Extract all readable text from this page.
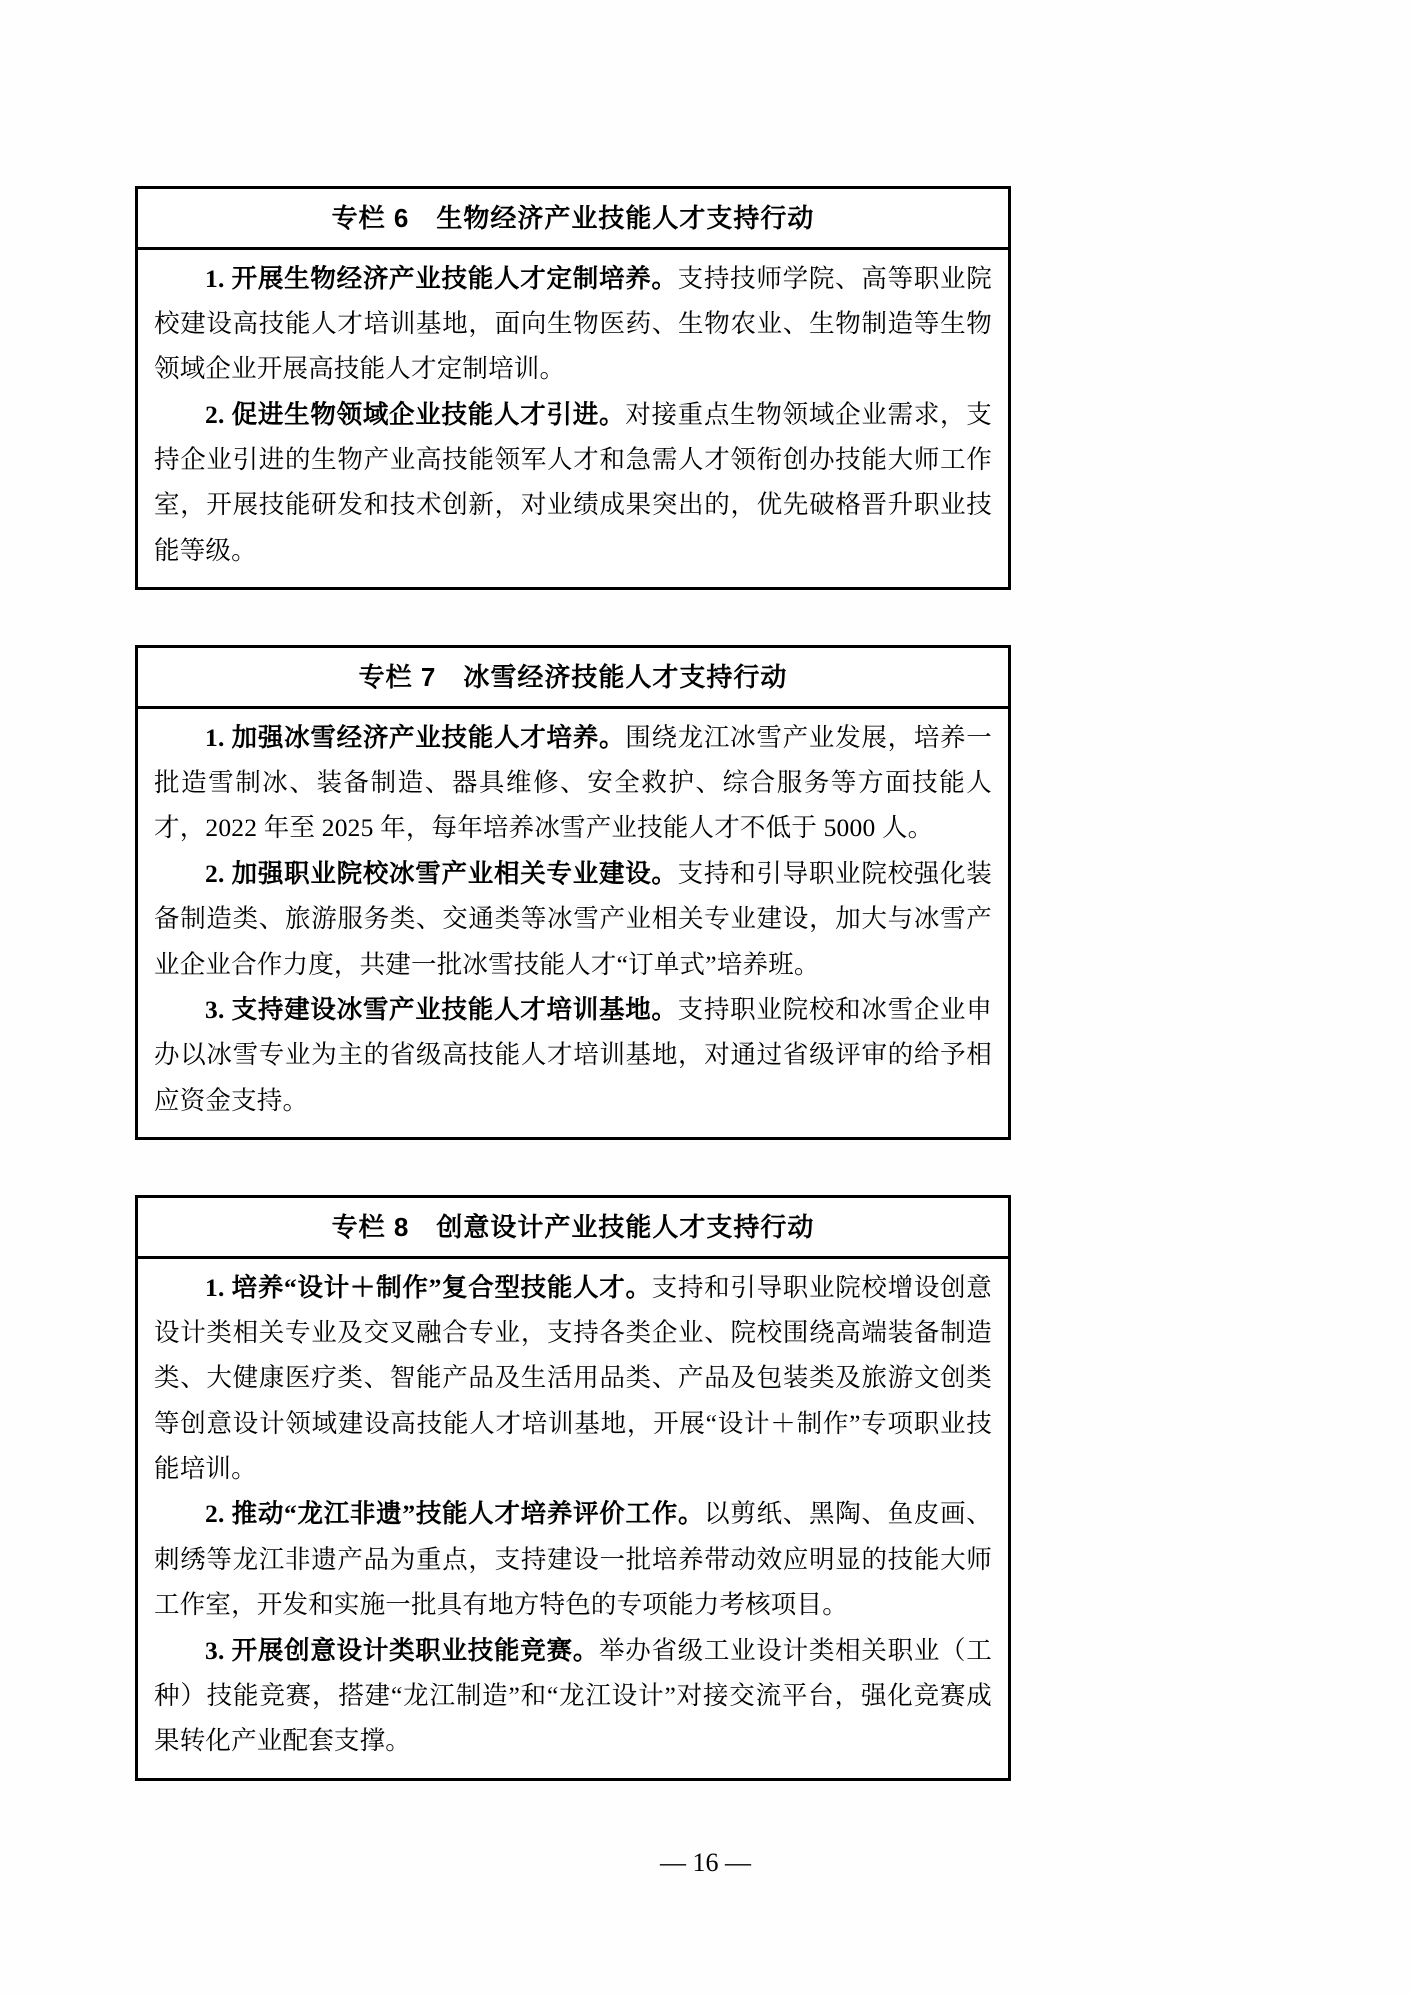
专栏 6　生物经济产业技能人才支持行动

1. 开展生物经济产业技能人才定制培养。支持技师学院、高等职业院校建设高技能人才培训基地，面向生物医药、生物农业、生物制造等生物领域企业开展高技能人才定制培训。

2. 促进生物领域企业技能人才引进。对接重点生物领域企业需求，支持企业引进的生物产业高技能领军人才和急需人才领衔创办技能大师工作室，开展技能研发和技术创新，对业绩成果突出的，优先破格晋升职业技能等级。

专栏 7　冰雪经济技能人才支持行动

1. 加强冰雪经济产业技能人才培养。围绕龙江冰雪产业发展，培养一批造雪制冰、装备制造、器具维修、安全救护、综合服务等方面技能人才，2022 年至 2025 年，每年培养冰雪产业技能人才不低于 5000 人。

2. 加强职业院校冰雪产业相关专业建设。支持和引导职业院校强化装备制造类、旅游服务类、交通类等冰雪产业相关专业建设，加大与冰雪产业企业合作力度，共建一批冰雪技能人才“订单式”培养班。

3. 支持建设冰雪产业技能人才培训基地。支持职业院校和冰雪企业申办以冰雪专业为主的省级高技能人才培训基地，对通过省级评审的给予相应资金支持。

专栏 8　创意设计产业技能人才支持行动

1. 培养“设计＋制作”复合型技能人才。支持和引导职业院校增设创意设计类相关专业及交叉融合专业，支持各类企业、院校围绕高端装备制造类、大健康医疗类、智能产品及生活用品类、产品及包装类及旅游文创类等创意设计领域建设高技能人才培训基地，开展“设计＋制作”专项职业技能培训。

2. 推动“龙江非遗”技能人才培养评价工作。以剪纸、黑陶、鱼皮画、刺绣等龙江非遗产品为重点，支持建设一批培养带动效应明显的技能大师工作室，开发和实施一批具有地方特色的专项能力考核项目。

3. 开展创意设计类职业技能竞赛。举办省级工业设计类相关职业（工种）技能竞赛，搭建“龙江制造”和“龙江设计”对接交流平台，强化竞赛成果转化产业配套支撑。

— 16 —
